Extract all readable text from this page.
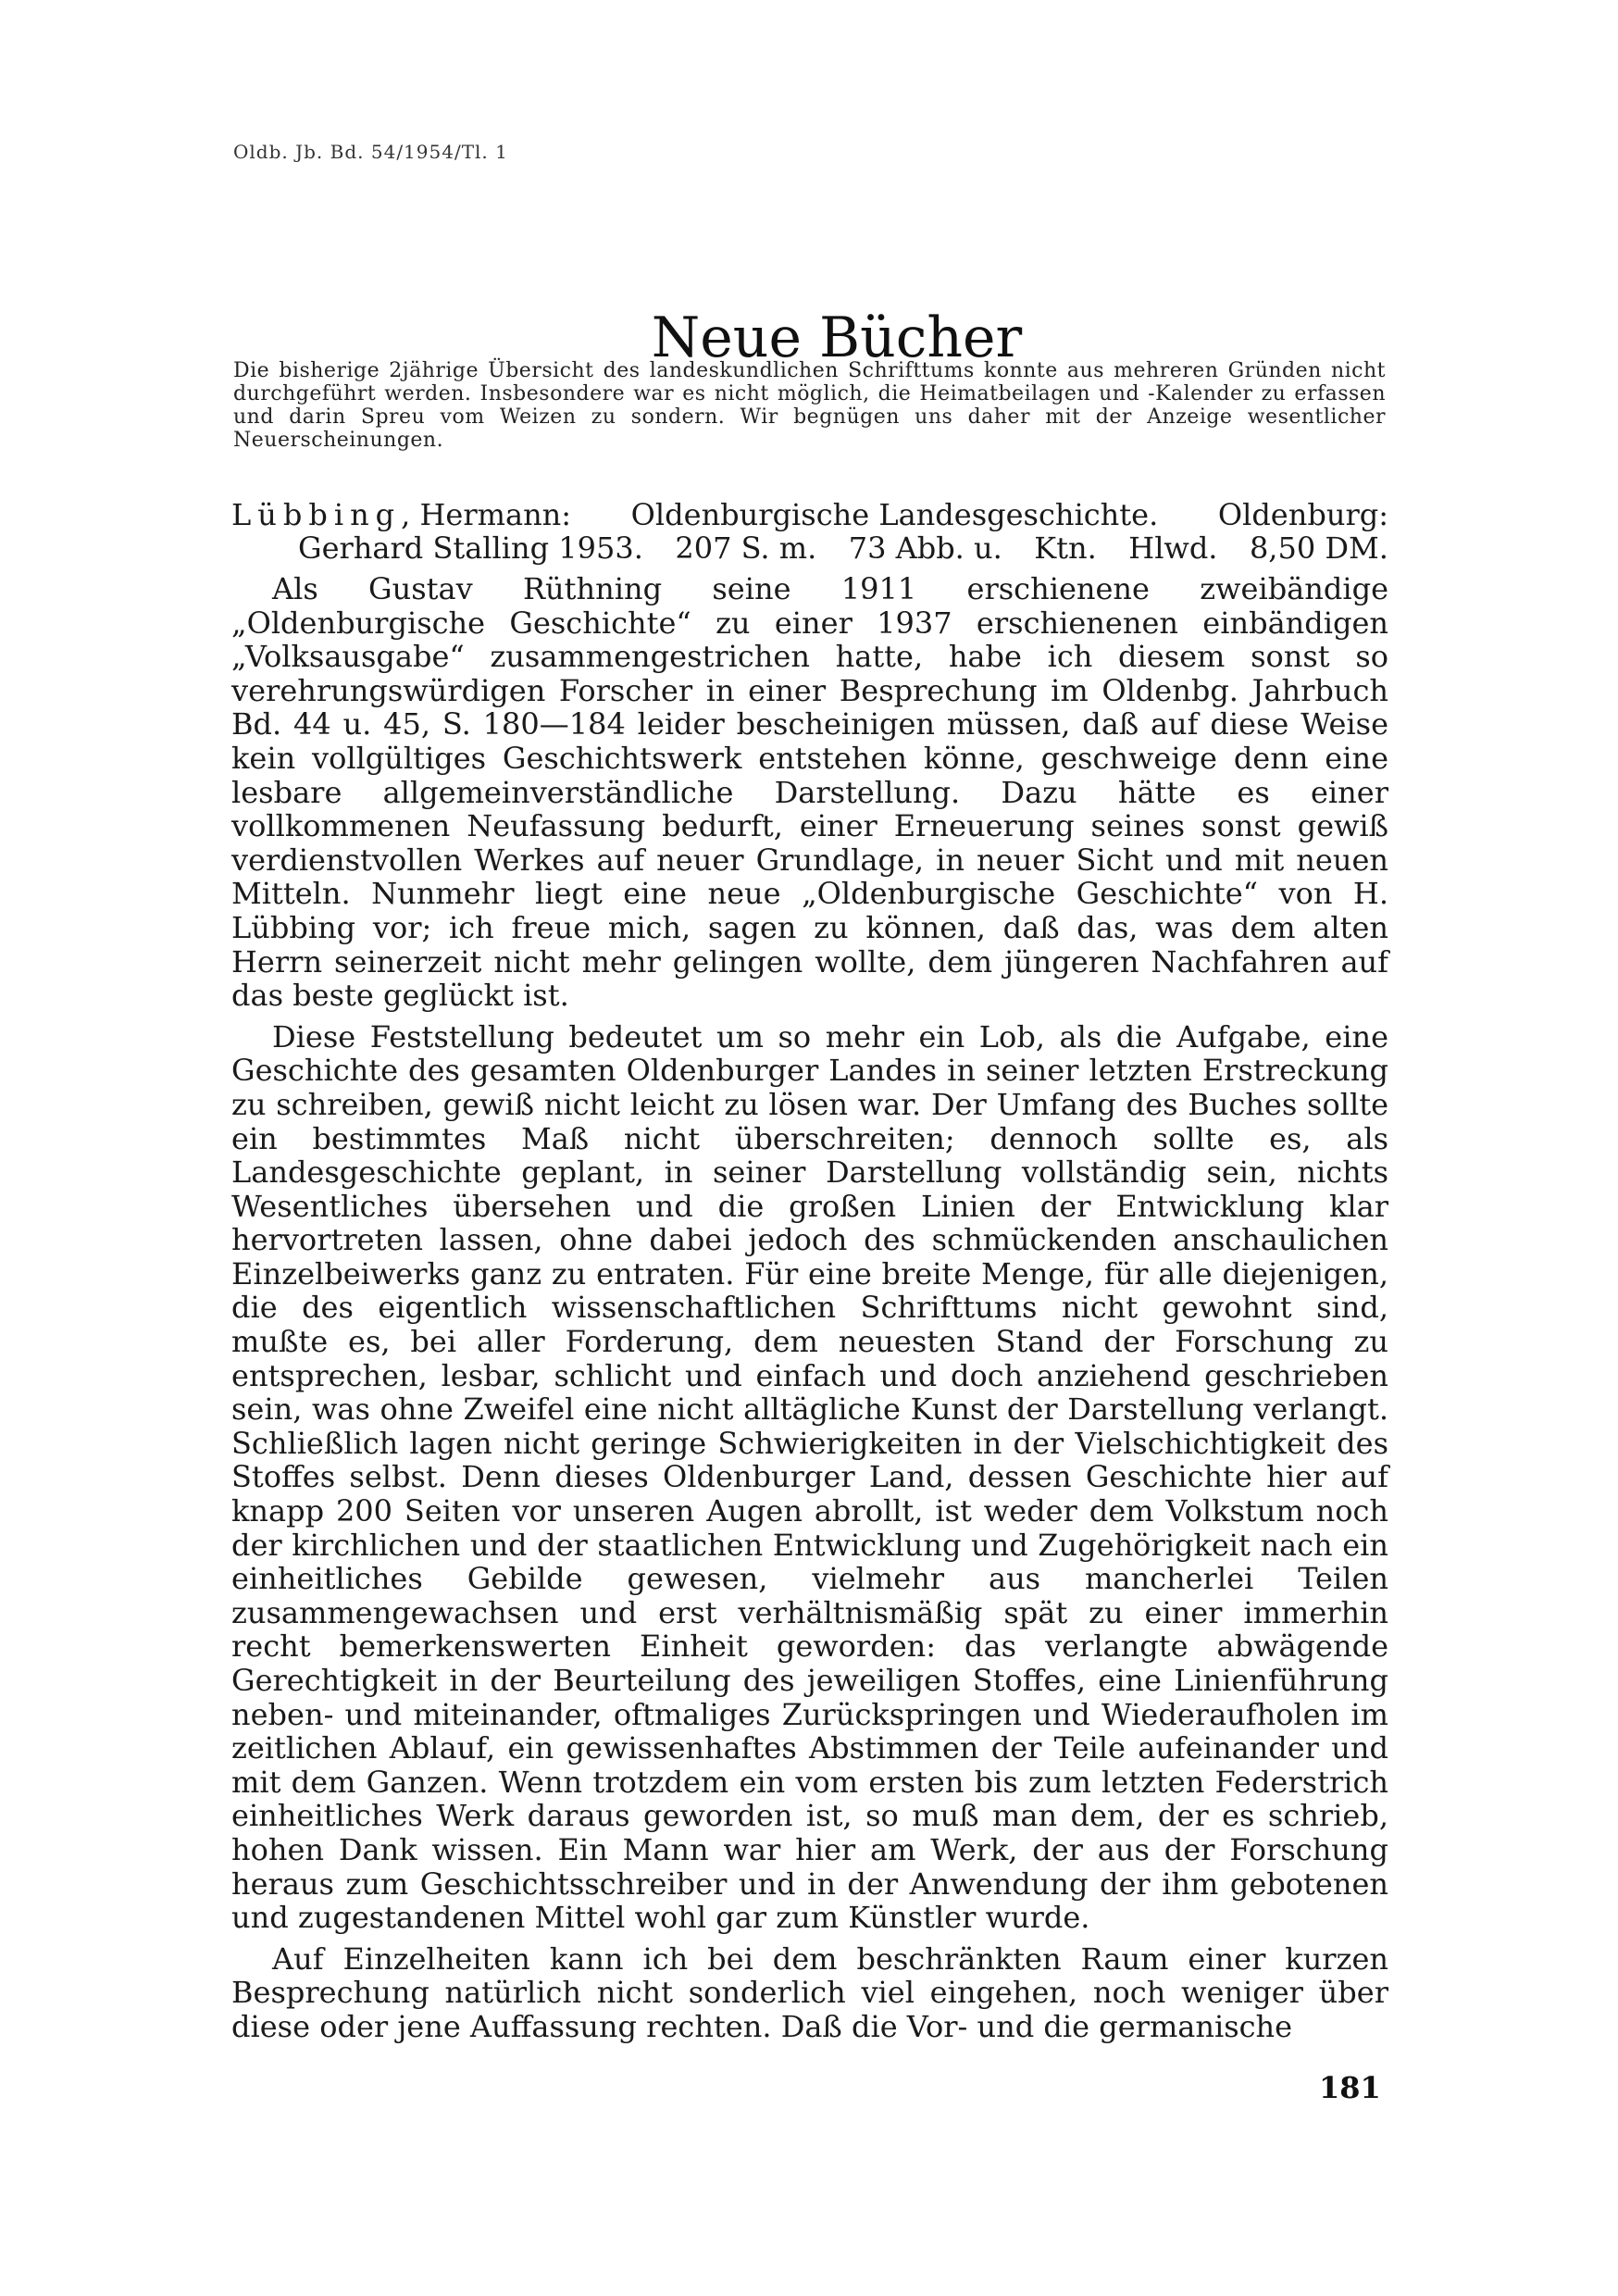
Oldb. Jb. Bd. 54/1954/Tl. 1
Neue Bücher
Die bisherige 2jährige Übersicht des landeskundlichen Schrifttums konnte aus mehreren Gründen nicht durchgeführt werden. Insbesondere war es nicht möglich, die Heimatbeilagen und -Kalender zu erfassen und darin Spreu vom Weizen zu sondern. Wir begnügen uns daher mit der Anzeige wesentlicher Neuerscheinungen.
Lübbing, Hermann: Oldenburgische Landesgeschichte. Oldenburg:
Gerhard Stalling 1953. 207 S. m. 73 Abb. u. Ktn. Hlwd. 8,50 DM.

Als Gustav Rüthning seine 1911 erschienene zweibändige „Oldenburgische Geschichte“ zu einer 1937 erschienenen einbändigen „Volksausgabe“ zusammengestrichen hatte, habe ich diesem sonst so verehrungswürdigen Forscher in einer Besprechung im Oldenbg. Jahrbuch Bd. 44 u. 45, S. 180—184 leider bescheinigen müssen, daß auf diese Weise kein vollgültiges Geschichtswerk entstehen könne, geschweige denn eine lesbare allgemeinverständliche Darstellung. Dazu hätte es einer vollkommenen Neufassung bedurft, einer Erneuerung seines sonst gewiß verdienstvollen Werkes auf neuer Grundlage, in neuer Sicht und mit neuen Mitteln. Nunmehr liegt eine neue „Oldenburgische Geschichte“ von H. Lübbing vor; ich freue mich, sagen zu können, daß das, was dem alten Herrn seinerzeit nicht mehr gelingen wollte, dem jüngeren Nachfahren auf das beste geglückt ist.

Diese Feststellung bedeutet um so mehr ein Lob, als die Aufgabe, eine Geschichte des gesamten Oldenburger Landes in seiner letzten Erstreckung zu schreiben, gewiß nicht leicht zu lösen war. Der Umfang des Buches sollte ein bestimmtes Maß nicht überschreiten; dennoch sollte es, als Landesgeschichte geplant, in seiner Darstellung vollständig sein, nichts Wesentliches übersehen und die großen Linien der Entwicklung klar hervortreten lassen, ohne dabei jedoch des schmückenden anschaulichen Einzelbeiwerks ganz zu entraten. Für eine breite Menge, für alle diejenigen, die des eigentlich wissenschaftlichen Schrifttums nicht gewohnt sind, mußte es, bei aller Forderung, dem neuesten Stand der Forschung zu entsprechen, lesbar, schlicht und einfach und doch anziehend geschrieben sein, was ohne Zweifel eine nicht alltägliche Kunst der Darstellung verlangt. Schließlich lagen nicht geringe Schwierigkeiten in der Vielschichtigkeit des Stoffes selbst. Denn dieses Oldenburger Land, dessen Geschichte hier auf knapp 200 Seiten vor unseren Augen abrollt, ist weder dem Volkstum noch der kirchlichen und der staatlichen Entwicklung und Zugehörigkeit nach ein einheitliches Gebilde gewesen, vielmehr aus mancherlei Teilen zusammengewachsen und erst verhältnismäßig spät zu einer immerhin recht bemerkenswerten Einheit geworden: das verlangte abwägende Gerechtigkeit in der Beurteilung des jeweiligen Stoffes, eine Linienführung neben- und miteinander, oftmaliges Zurückspringen und Wiederaufholen im zeitlichen Ablauf, ein gewissenhaftes Abstimmen der Teile aufeinander und mit dem Ganzen. Wenn trotzdem ein vom ersten bis zum letzten Federstrich einheitliches Werk daraus geworden ist, so muß man dem, der es schrieb, hohen Dank wissen. Ein Mann war hier am Werk, der aus der Forschung heraus zum Geschichtsschreiber und in der Anwendung der ihm gebotenen und zugestandenen Mittel wohl gar zum Künstler wurde.

Auf Einzelheiten kann ich bei dem beschränkten Raum einer kurzen Besprechung natürlich nicht sonderlich viel eingehen, noch weniger über diese oder jene Auffassung rechten. Daß die Vor- und die germanische

181
